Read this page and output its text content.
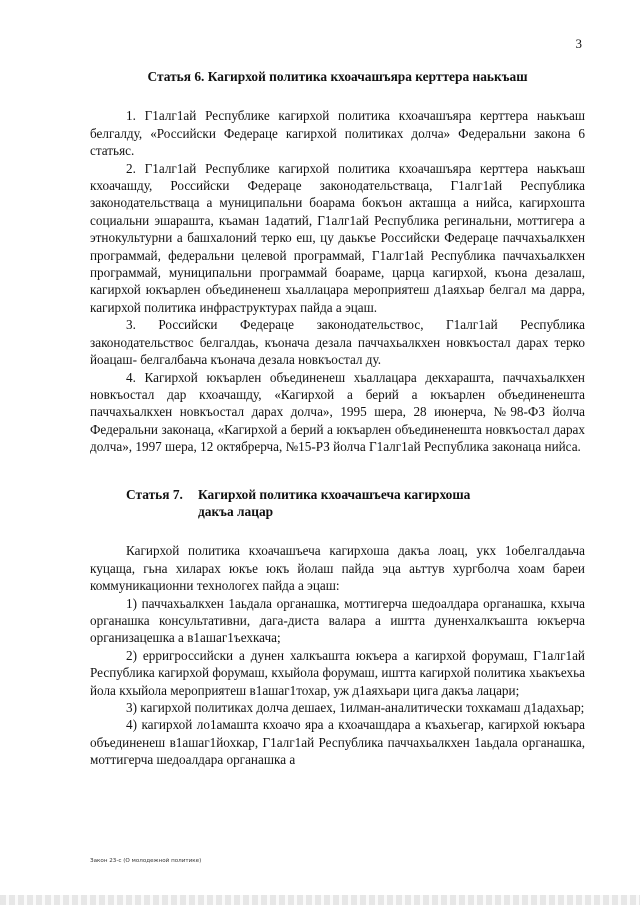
3
Статья 6. Кагирхой политика кхоачашъяра керттера наькъаш

1. Г1алг1ай Республике кагирхой политика кхоачашъяра керттера наькъаш белгалду, «Российски Федераце кагирхой политиках долча» Федеральни закона 6 статьяс.

2. Г1алг1ай Республике кагирхой политика кхоачашъяра керттера наькъаш кхоачашду, Российски Федераце законодательстваца, Г1алг1ай Республика законодательстваца а муниципальни боарама бокъон акташца а нийса, кагирхошта социальни эшарашта, къаман 1адатий, Г1алг1ай Республика регинальни, моттигера а этнокультурни а башхалоний терко еш, цу даькъе Российски Федераце паччахьалкхен программай, федеральни целевой программай, Г1алг1ай Республика паччахьалкхен программай, муниципальни программай боараме, царца кагирхой, къона дезалаш, кагирхой юкъарлен объединенеш хьаллацара мероприятеш д1аяхьар белгал ма дарра, кагирхой политика инфраструктурах пайда а эцаш.

3. Российски Федераце законодательствос, Г1алг1ай Республика законодательствос белгалдаь, къонача дезала паччахьалкхен новкъостал дарах терко йоацаш- белгалбаьча къонача дезала новкъостал ду.

4. Кагирхой юкъарлен объединенеш хьаллацара декхараштa, паччахьалкхен новкъостал дар кхоачашду, «Кагирхой а берий а юкъарлен объединенешта паччахьалкхен новкъостал дарах долча», 1995 шера, 28 июнерча, №98-ФЗ йолча Федеральни законаца, «Кагирхой а берий а юкъарлен объединенешта новкъостал дарах долча», 1997 шера, 12 октябрерча, №15-РЗ йолча Г1алг1ай Республика законаца нийса.

Статья 7. Кагирхой политика кхоачашъеча кагирхоша
дакъа лацар

Кагирхой политика кхоачашъеча кагирхоша дакъа лоац, укх 1обелгалдаьча куцаща, гьна хиларах юкъе юкъ йолаш пайда эца аьттув хургболча хоам бареи коммуникационни технологех пайда а эцаш:

1) паччахьалкхен 1аьдала органашка, моттигерча шедоалдара органашка, кхыча органашка консультативни, дага-диста валара а иштта дуненхалкъашта юкъерча организацешка а в1ашаг1ъехкача;

2) ерригроссийски а дунен халкъашта юкъера а кагирхой форумаш, Г1алг1ай Республика кагирхой форумаш, кхыйола форумаш, иштта кагирхой политика хьакъехьа йола кхыйола мероприятеш в1ашаг1тохар, уж д1аяхьари цига дакъа лацари;

3) кагирхой политиках долча дешаех, 1илман-аналитически тохкамаш д1адахьар;

4) кагирхой ло1амашта кхоачо яра а кхоачашдара а къахьегар, кагирхой юкъара объединенеш в1ашаг1йохкар, Г1алг1ай Республика паччахьалкхен 1аьдала органашка, моттигерча шедоалдара органашка а

Закон 23-с (О молодежной политике)
